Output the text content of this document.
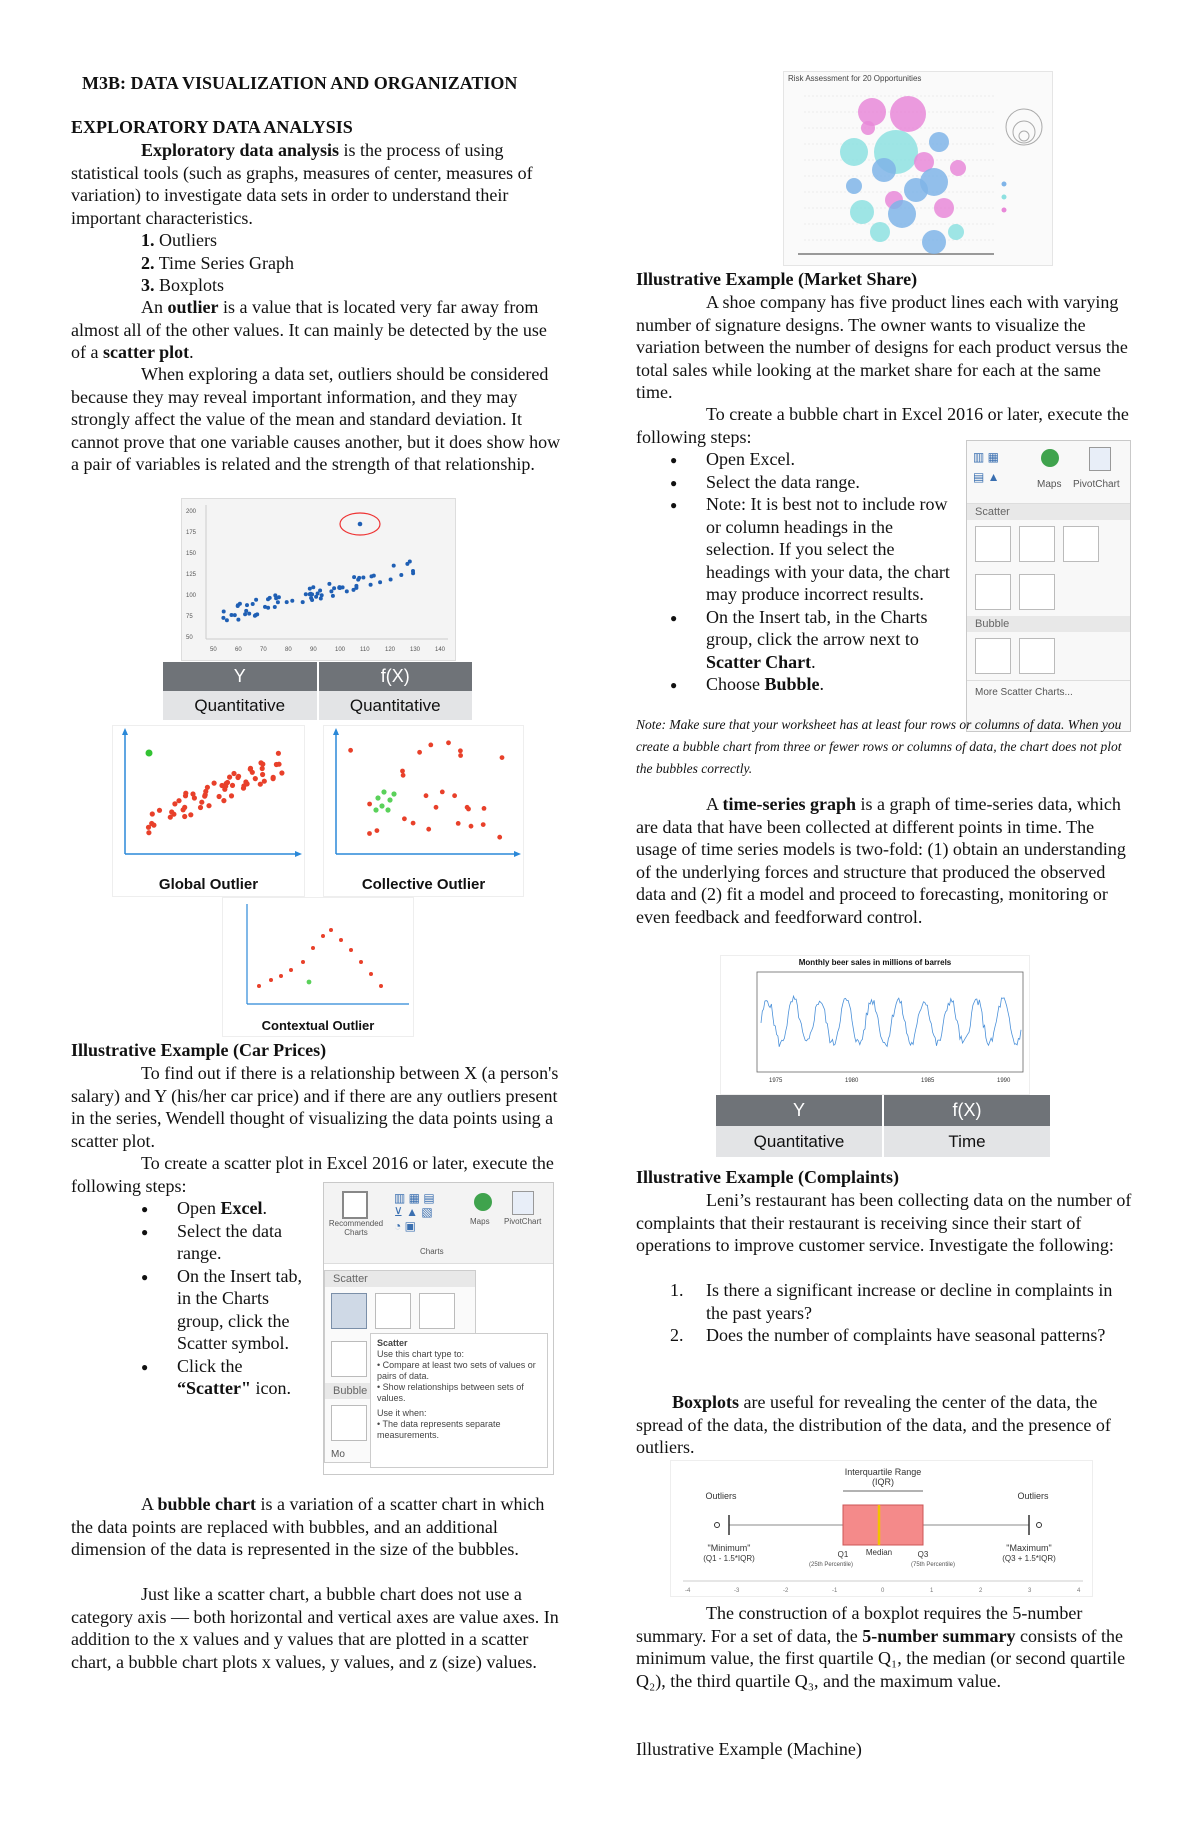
M3B: DATA VISUALIZATION AND ORGANIZATION
EXPLORATORY DATA ANALYSIS

Exploratory data analysis is the process of using statistical tools (such as graphs, measures of center, measures of variation) to investigate data sets in order to understand their important characteristics.

1. Outliers
2. Time Series Graph
3. Boxplots

An outlier is a value that is located very far away from almost all of the other values. It can mainly be detected by the use of a scatter plot.

When exploring a data set, outliers should be considered because they may reveal important information, and they may strongly affect the value of the mean and standard deviation. It cannot prove that one variable causes another, but it does show how a pair of variables is related and the strength of that relationship.

200
175
150
125
100
75
50
50	60	70	80	90	100 110	120 130 140
Y	f(X)
Quantitative	Quantitative
Global Outlier	Collective Outlier
Contextual Outlier
Illustrative Example (Car Prices)

To find out if there is a relationship between X (a person's salary) and Y (his/her car price) and if there are any outliers present in the series, Wendell thought of visualizing the data points using a scatter plot.

To create a scatter plot in Excel 2016 or later, execute the following steps:

● Open Excel.
● Select the data range.
● On the Insert tab, in the Charts group, click the Scatter symbol.
● Click the “Scatter" icon.
Recommended Charts
▥ ▦ ▤
⊻ ▲ ▧
◔ ▣	Maps PivotChart
Charts
Scatter
Bubble
Mo
Scatter
Use this chart type to:
• Compare at least two sets of values or pairs of data.
• Show relationships between sets of values.
Use it when:
• The data represents separate measurements.

A bubble chart is a variation of a scatter chart in which the data points are replaced with bubbles, and an additional dimension of the data is represented in the size of the bubbles.

Just like a scatter chart, a bubble chart does not use a category axis — both horizontal and vertical axes are value axes. In addition to the x values and y values that are plotted in a scatter chart, a bubble chart plots x values, y values, and z (size) values.

Risk Assessment for 20 Opportunities
Illustrative Example (Market Share)

A shoe company has five product lines each with varying number of signature designs. The owner wants to visualize the variation between the number of designs for each product versus the total sales while looking at the market share for each at the same time.

To create a bubble chart in Excel 2016 or later, execute the following steps:

● Open Excel.
● Select the data range.
● Note: It is best not to include row or column headings in the selection. If you select the headings with your data, the chart may produce incorrect results.
● On the Insert tab, in the Charts group, click the arrow next to Scatter Chart.
● Choose Bubble.
▥ ▦
▤ ▲
Maps PivotChart
Scatter
Bubble
More Scatter Charts...

Note: Make sure that your worksheet has at least four rows or columns of data. When you create a bubble chart from three or fewer rows or columns of data, the chart does not plot the bubbles correctly.

A time-series graph is a graph of time-series data, which are data that have been collected at different points in time. The usage of time series models is two-fold: (1) obtain an understanding of the underlying forces and structure that produced the observed data and (2) fit a model and proceed to forecasting, monitoring or even feedback and feedforward control.

Monthly beer sales in millions of barrels
1975	1980	1985	1990
Y	f(X)
Quantitative	Time
Illustrative Example (Complaints)

Leni’s restaurant has been collecting data on the number of complaints that their restaurant is receiving since their start of operations to improve customer service. Investigate the following:

1. Is there a significant increase or decline in complaints in the past years?
2. Does the number of complaints have seasonal patterns?

Boxplots are useful for revealing the center of the data, the spread of the data, the distribution of the data, and the presence of outliers.

Interquartile Range
(IQR)
Outliers	Outliers
"Minimum"
(Q1 - 1.5*IQR)
"Maximum"
(Q3 + 1.5*IQR)
Q1 Median	Q3
(25th Percentile)	(75th Percentile)
-4	-3	-2	-1	0	1	2	3	4

The construction of a boxplot requires the 5-number summary. For a set of data, the 5-number summary consists of the minimum value, the first quartile Q₁, the median (or second quartile Q₂), the third quartile Q₃, and the maximum value.

Illustrative Example (Machine)
